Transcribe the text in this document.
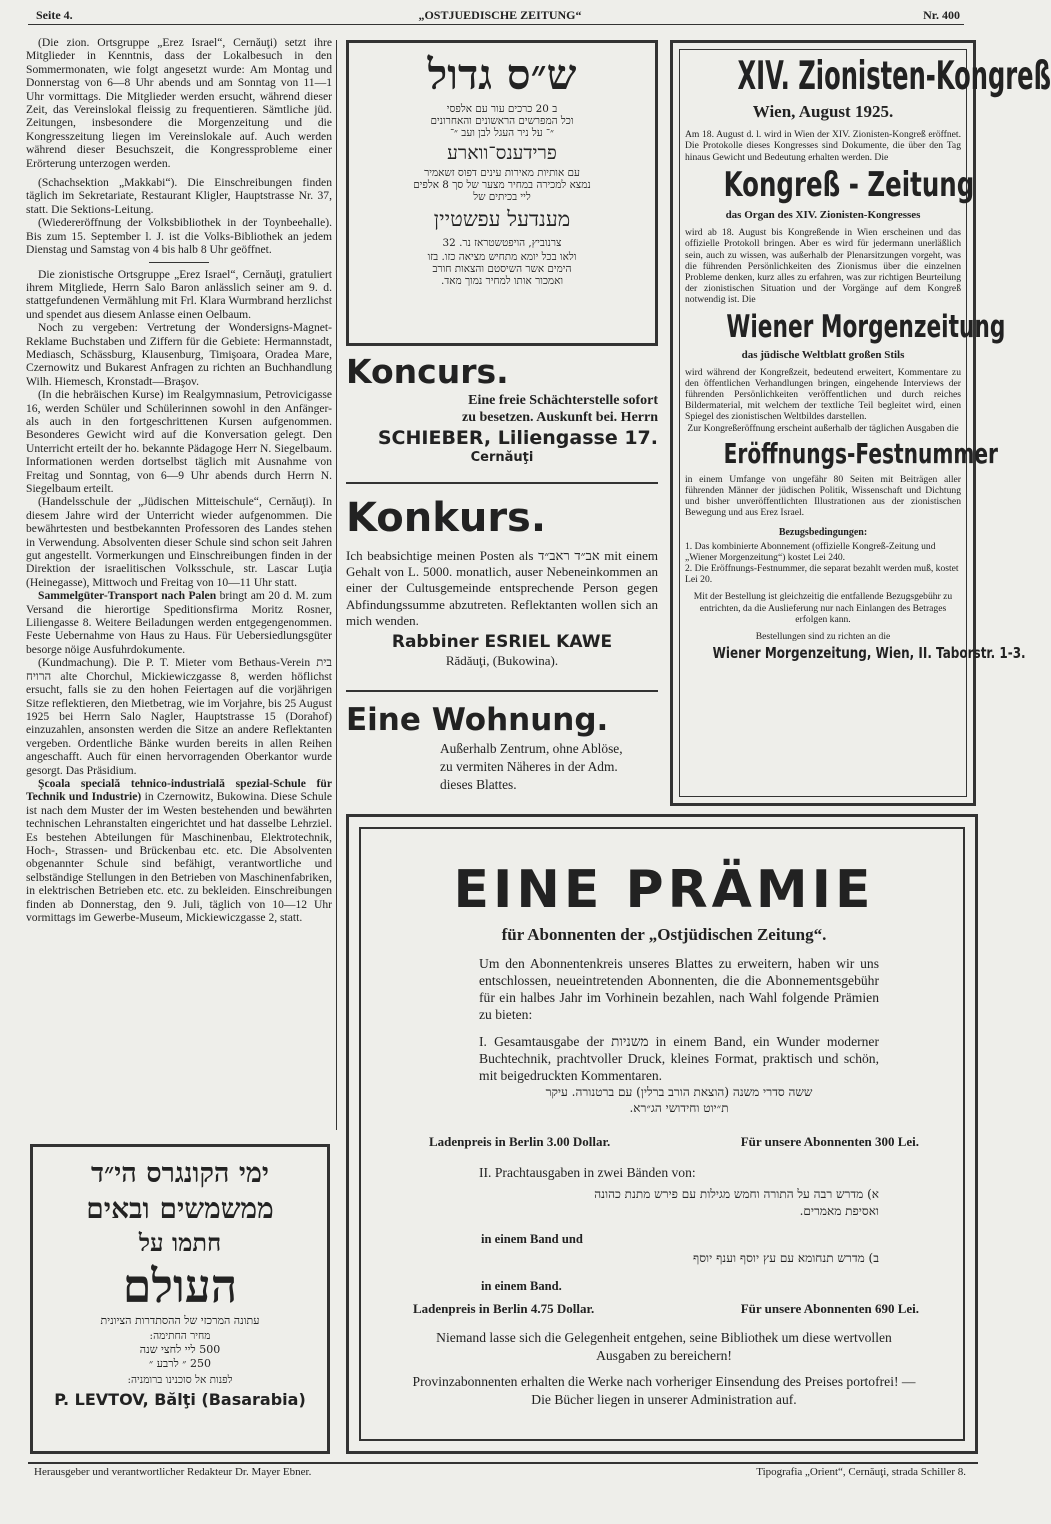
Seite 4.	„OSTJUEDISCHE ZEITUNG“	Nr. 400

(Die zion. Ortsgruppe „Erez Israel“, Cernăuţi) setzt ihre Mitglieder in Kenntnis, dass der Lokalbesuch in den Sommermonaten, wie folgt angesetzt wurde: Am Montag und Donnerstag von 6—8 Uhr abends und am Sonntag von 11—1 Uhr vormittags. Die Mitglieder werden ersucht, während dieser Zeit, das Vereinslokal fleissig zu frequentieren. Sämtliche jüd. Zeitungen, insbesondere die Morgenzeitung und die Kongresszeitung liegen im Vereinslokale auf. Auch werden während dieser Besuchszeit, die Kongressprobleme einer Erörterung unterzogen werden.

(Schachsektion „Makkabi“). Die Einschreibungen finden täglich im Sekretariate, Restaurant Kligler, Hauptstrasse Nr. 37, statt. Die Sektions-Leitung.

(Wiedereröffnung der Volksbibliothek in der Toynbeehalle). Bis zum 15. September l. J. ist die Volks-Bibliothek an jedem Dienstag und Samstag von 4 bis halb 8 Uhr geöffnet.

Die zionistische Ortsgruppe „Erez Israel“, Cernăuţi, gratuliert ihrem Mitgliede, Herrn Salo Baron anlässlich seiner am 9. d. stattgefundenen Vermählung mit Frl. Klara Wurmbrand herzlichst und spendet aus diesem Anlasse einen Oelbaum.

Noch zu vergeben: Vertretung der Wondersigns-Magnet-Reklame Buchstaben und Ziffern für die Gebiete: Hermannstadt, Mediasch, Schässburg, Klausenburg, Timişoara, Oradea Mare, Czernowitz und Bukarest Anfragen zu richten an Buchhandlung Wilh. Hiemesch, Kronstadt—Braşov.

(In die hebräischen Kurse) im Realgymnasium, Petrovicigasse 16, werden Schüler und Schülerinnen sowohl in den Anfänger- als auch in den fortgeschrittenen Kursen aufgenommen. Besonderes Gewicht wird auf die Konversation gelegt. Den Unterricht erteilt der ho. bekannte Pädagoge Herr N. Siegelbaum. Informationen werden dortselbst täglich mit Ausnahme von Freitag und Sonntag, von 6—9 Uhr abends durch Herrn N. Siegelbaum erteilt.

(Handelsschule der „Jüdischen Mitteischule“, Cernăuţi). In diesem Jahre wird der Unterricht wieder aufgenommen. Die bewährtesten und bestbekannten Professoren des Landes stehen in Verwendung. Absolventen dieser Schule sind schon seit Jahren gut angestellt. Vormerkungen und Einschreibungen finden in der Direktion der israelitischen Volksschule, str. Lascar Luţia (Heinegasse), Mittwoch und Freitag von 10—11 Uhr statt.

Sammelgüter-Transport nach Palen bringt am 20 d. M. zum Versand die hierortige Speditionsfirma Moritz Rosner, Liliengasse 8. Weitere Beiladungen werden entgegengenommen. Feste Uebernahme von Haus zu Haus. Für Uebersiedlungsgüter besorge nöige Ausfuhrdokumente.

(Kundmachung). Die P. T. Mieter vom Bethaus-Verein בית הרויח alte Chorchul, Mickiewiczgasse 8, werden höflichst ersucht, falls sie zu den hohen Feiertagen auf die vorjährigen Sitze reflektieren, den Mietbetrag, wie im Vorjahre, bis 25 August 1925 bei Herrn Salo Nagler, Hauptstrasse 15 (Dorahof) einzuzahlen, ansonsten werden die Sitze an andere Reflektanten vergeben. Ordentliche Bänke wurden bereits in allen Reihen angeschafft. Auch für einen hervorragenden Oberkantor wurde gesorgt. Das Präsidium.

Şcoala specială tehnico-industrială spezial-Schule für Technik und Industrie) in Czernowitz, Bukowina. Diese Schule ist nach dem Muster der im Westen bestehenden und bewährten technischen Lehranstalten eingerichtet und hat dasselbe Lehrziel. Es bestehen Abteilungen für Maschinenbau, Elektrotechnik, Hoch-, Strassen- und Brückenbau etc. etc. Die Absolventen obgenannter Schule sind befähigt, verantwortliche und selbständige Stellungen in den Betrieben von Maschinenfabriken, in elektrischen Betrieben etc. etc. zu bekleiden. Einschreibungen finden ab Donnerstag, den 9. Juli, täglich von 10—12 Uhr vormittags im Gewerbe-Museum, Mickiewiczgasse 2, statt.

ימי הקונגרס הי״ד
ממשמשים ובאים
חתמו על
העולם
עתונה המרכזי של ההסתדרות הציונית
מחיר החתימה:
500 ליי לחצי שנה
250 ״ לרבע ״
לפנות אל סוכנינו ברומניה:
P. LEVTOV, Bălţi (Basarabia)
ש״ס גדול
ב 20 כרכים עור עם אלפסי
וכל המפרשים הראשונים והאחרונים
״־ על ניר העגל לבן ועב ״־
פרידענס־ווארע
עם אותיות מאירות עינים דפוס זשאמיר
נמצא למכירה במחיר מצער של סך 8 אלפים
ליי בכיתים של
מענדעל עפשטיין
צרנוביץ, הויפטשטראז נר. 32
ולאו בכל יומא מתחיש מציאה כזו. בזו
הימים אשר השיסטם והצאות חורב
ואמכור אותו למחיר נמוך מאד.
Koncurs.
Eine freie Schächterstelle sofort
zu besetzen. Auskunft bei. Herrn
SCHIEBER, Liliengasse 17.
Cernăuţi
Konkurs.
Ich beabsichtige meinen Posten als אב״ד ראב״ד mit einem Gehalt von L. 5000. monatlich, auser Nebeneinkommen an einer der Cultusgemeinde entsprechende Person gegen Abfindungssumme abzutreten. Reflektanten wollen sich an mich wenden.
Rabbiner ESRIEL KAWE
Rădăuţi, (Bukowina).
Eine Wohnung.
Außerhalb Zentrum, ohne Ablöse,
zu vermiten Näheres in der Adm.
dieses Blattes.
XIV. Zionisten-Kongreß
Wien, August 1925.
Am 18. August d. l. wird in Wien der XIV. Zionisten-Kongreß eröffnet. Die Protokolle dieses Kongresses sind Dokumente, die über den Tag hinaus Gewicht und Bedeutung erhalten werden. Die
Kongreß - Zeitung
das Organ des XIV. Zionisten-Kongresses
wird ab 18. August bis Kongreßende in Wien erscheinen und das offizielle Protokoll bringen. Aber es wird für jedermann unerläßlich sein, auch zu wissen, was außerhalb der Plenarsitzungen vorgeht, was die führenden Persönlichkeiten des Zionismus über die einzelnen Probleme denken, kurz alles zu erfahren, was zur richtigen Beurteilung der zionistischen Situation und der Vorgänge auf dem Kongreß notwendig ist. Die
Wiener Morgenzeitung
das jüdische Weltblatt großen Stils
wird während der Kongreßzeit, bedeutend erweitert, Kommentare zu den öffentlichen Verhandlungen bringen, eingehende Interviews der führenden Persönlichkeiten veröffentlichen und durch reiches Bildermaterial, mit welchem der textliche Teil begleitet wird, einen Spiegel des zionistischen Weltbildes darstellen.
Zur Kongreßeröffnung erscheint außerhalb der täglichen Ausgaben die
Eröffnungs-Festnummer
in einem Umfange von ungefähr 80 Seiten mit Beiträgen aller führenden Männer der jüdischen Politik, Wissenschaft und Dichtung und bisher unveröffentlichten Illustrationen aus der zionistischen Bewegung und aus Erez Israel.
Bezugsbedingungen:
1. Das kombinierte Abonnement (offizielle Kongreß-Zeitung und „Wiener Morgenzeitung“) kostet Lei 240.
2. Die Eröffnungs-Festnummer, die separat bezahlt werden muß, kostet Lei 20.
Mit der Bestellung ist gleichzeitig die entfallende Bezugsgebühr zu entrichten, da die Auslieferung nur nach Einlangen des Betrages erfolgen kann.
Bestellungen sind zu richten an die
Wiener Morgenzeitung, Wien, II. Taborstr. 1-3.
EINE PRÄMIE
für Abonnenten der „Ostjüdischen Zeitung“.
Um den Abonnentenkreis unseres Blattes zu erweitern, haben wir uns entschlossen, neueintretenden Abonnenten, die die Abonnementsgebühr für ein halbes Jahr im Vorhinein bezahlen, nach Wahl folgende Prämien zu bieten:
I. Gesamtausgabe der משניות in einem Band, ein Wunder moderner Buchtechnik, prachtvoller Druck, kleines Format, praktisch und schön, mit beigedruckten Kommentaren.
ששה סדרי משנה (הוצאת הורב ברלין) עם ברטנורה. עיקר
ת״יוט וחידושי הג״רא.
Ladenpreis in Berlin 3.00 Dollar.	Für unsere Abonnenten 300 Lei.
II. Prachtausgaben in zwei Bänden von:
א) מדרש רבה על התורה וחמש מגילות עם פירש מתנת כהונה
ואסיפת מאמרים.
in einem Band und
ב) מדרש תנחומא עם עץ יוסף וענף יוסף
in einem Band.
Ladenpreis in Berlin 4.75 Dollar.	Für unsere Abonnenten 690 Lei.
Niemand lasse sich die Gelegenheit entgehen, seine Bibliothek um diese wertvollen Ausgaben zu bereichern!
Provinzabonnenten erhalten die Werke nach vorheriger Einsendung des Preises portofrei! — Die Bücher liegen in unserer Administration auf.
Herausgeber und verantwortlicher Redakteur Dr. Mayer Ebner.	Tipografia „Orient“, Cernăuţi, strada Schiller 8.
